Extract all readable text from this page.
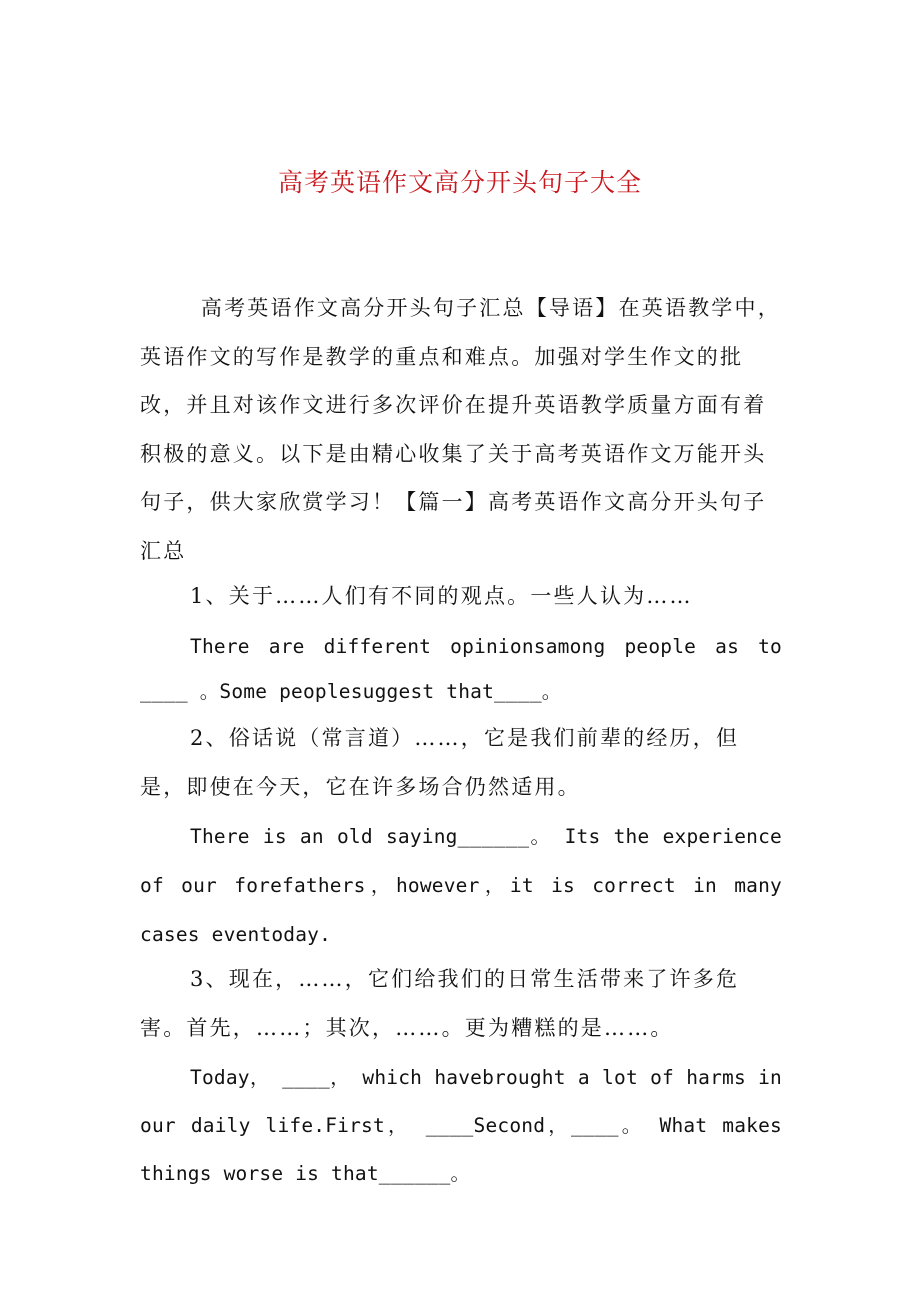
高考英语作文高分开头句子大全
高考英语作文高分开头句子汇总【导语】在英语教学中，英语作文的写作是教学的重点和难点。加强对学生作文的批改，并且对该作文进行多次评价在提升英语教学质量方面有着积极的意义。以下是由精心收集了关于高考英语作文万能开头句子，供大家欣赏学习！【篇一】高考英语作文高分开头句子汇总
1、关于……人们有不同的观点。一些人认为……
There are different opinionsamong people as to ____ 。Some peoplesuggest that____。
2、俗话说（常言道）……，它是我们前辈的经历，但是，即使在今天，它在许多场合仍然适用。
There is an old saying______。 Its the experience of our forefathers，however，it is correct in many cases eventoday.
3、现在，……，它们给我们的日常生活带来了许多危害。首先，……；其次，……。更为糟糕的是……。
Today， ____， which havebrought a lot of harms in our daily life.First， ____Second，____。 What makes things worse is that______。
